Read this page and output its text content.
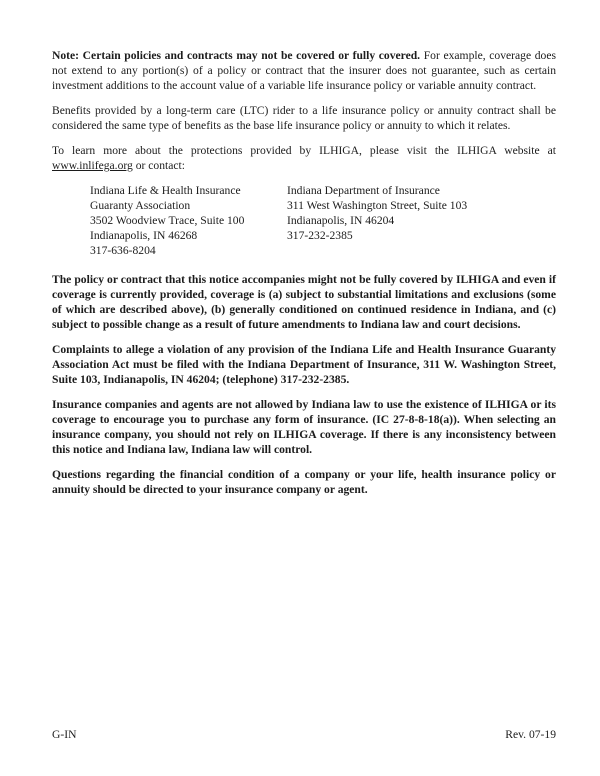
Note: Certain policies and contracts may not be covered or fully covered. For example, coverage does not extend to any portion(s) of a policy or contract that the insurer does not guarantee, such as certain investment additions to the account value of a variable life insurance policy or variable annuity contract.

Benefits provided by a long-term care (LTC) rider to a life insurance policy or annuity contract shall be considered the same type of benefits as the base life insurance policy or annuity to which it relates.

To learn more about the protections provided by ILHIGA, please visit the ILHIGA website at www.inlifega.org or contact:

Indiana Life & Health Insurance
Guaranty Association
3502 Woodview Trace, Suite 100
Indianapolis, IN 46268
317-636-8204
Indiana Department of Insurance
311 West Washington Street, Suite 103
Indianapolis, IN 46204
317-232-2385

The policy or contract that this notice accompanies might not be fully covered by ILHIGA and even if coverage is currently provided, coverage is (a) subject to substantial limitations and exclusions (some of which are described above), (b) generally conditioned on continued residence in Indiana, and (c) subject to possible change as a result of future amendments to Indiana law and court decisions.

Complaints to allege a violation of any provision of the Indiana Life and Health Insurance Guaranty Association Act must be filed with the Indiana Department of Insurance, 311 W. Washington Street, Suite 103, Indianapolis, IN 46204; (telephone) 317-232-2385.

Insurance companies and agents are not allowed by Indiana law to use the existence of ILHIGA or its coverage to encourage you to purchase any form of insurance. (IC 27-8-8-18(a)). When selecting an insurance company, you should not rely on ILHIGA coverage. If there is any inconsistency between this notice and Indiana law, Indiana law will control.

Questions regarding the financial condition of a company or your life, health insurance policy or annuity should be directed to your insurance company or agent.

G-IN	Rev. 07-19
